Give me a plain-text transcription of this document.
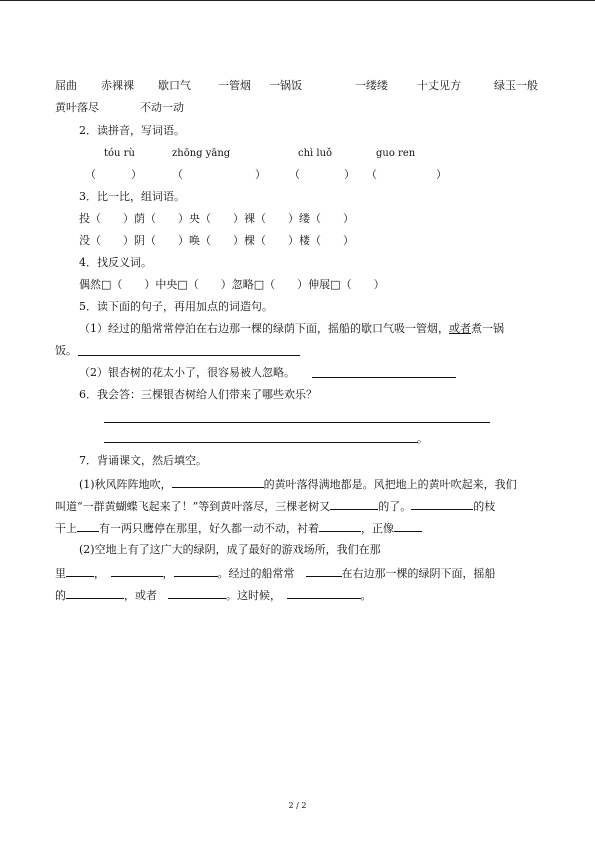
屈曲 赤裸裸 歇口气 一管烟 一锅饭	一缕缕	十丈见方	绿玉一般
黄叶落尽	不动一动
2．读拼音，写词语。
tóu rù	zhōng yāng	chì luǒ	guo ren
（	）	（	） （	） （	）
3．比一比，组词语。
投（　　）荫（　　）央（　　）裸（　　）缕（　　）
没（　　）阴（　　）唤（　　）棵（　　）楼（　　）
4．找反义词。
偶然□（　　）中央□（　　）忽略□（　　）伸展□（　　）
5．读下面的句子，再用加点的词造句。
（1）经过的船常常停泊在右边那一棵的绿荫下面，摇船的歇口气吸一管烟，或者煮一锅
饭。
（2）银杏树的花太小了，很容易被人忽略。
6．我会答：三棵银杏树给人们带来了哪些欢乐？
。
7．背诵课文，然后填空。
(1)秋风阵阵地吹，	的黄叶落得满地都是。风把地上的黄叶吹起来，我们
叫道“一群黄蝴蝶飞起来了！”等到黄叶落尽，三棵老树又	的了。	的枝
干上 有一两只鹰停在那里，好久都一动不动，衬着	，正像
(2)空地上有了这广大的绿阴，成了最好的游戏场所，我们在那
里	，　	，	。经过的船常常　	在右边那一棵的绿阴下面，摇船
的	，或者　	。这时候，　	。
2 / 2
